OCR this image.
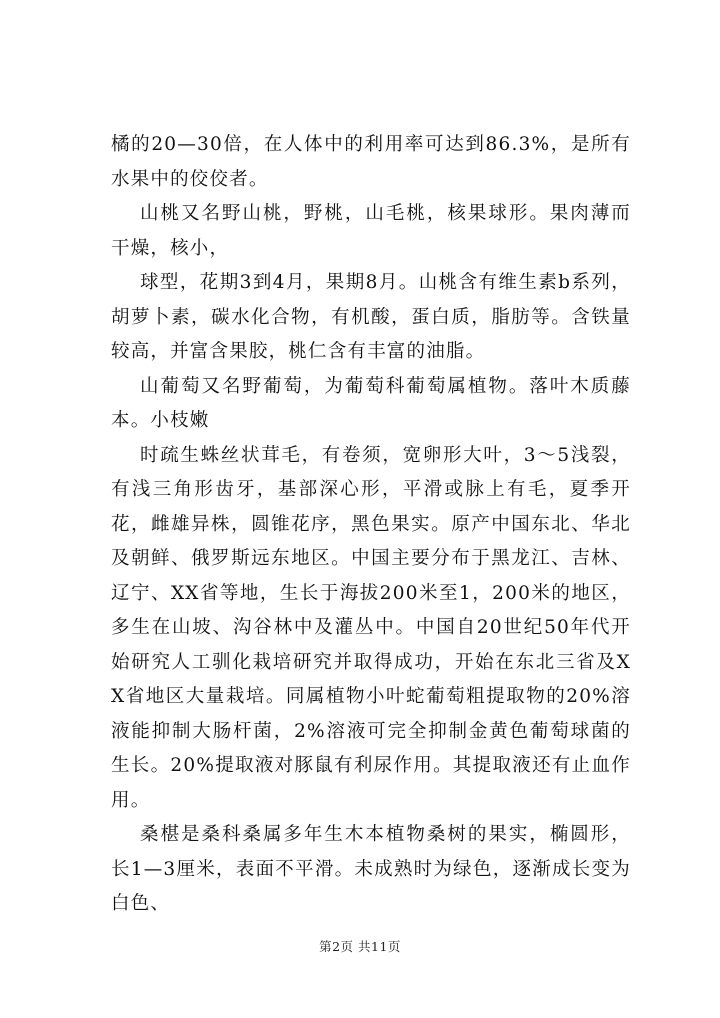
橘的20—30倍，在人体中的利用率可达到86.3%，是所有水果中的佼佼者。

山桃又名野山桃，野桃，山毛桃，核果球形。果肉薄而干燥，核小，

球型，花期3到4月，果期8月。山桃含有维生素b系列，胡萝卜素，碳水化合物，有机酸，蛋白质，脂肪等。含铁量较高，并富含果胶，桃仁含有丰富的油脂。

山葡萄又名野葡萄，为葡萄科葡萄属植物。落叶木质藤本。小枝嫩

时疏生蛛丝状茸毛，有卷须，宽卵形大叶，3～5浅裂，有浅三角形齿牙，基部深心形，平滑或脉上有毛，夏季开花，雌雄异株，圆锥花序，黑色果实。原产中国东北、华北及朝鲜、俄罗斯远东地区。中国主要分布于黑龙江、吉林、辽宁、XX省等地，生长于海拔200米至1，200米的地区，多生在山坡、沟谷林中及灌丛中。中国自20世纪50年代开始研究人工驯化栽培研究并取得成功，开始在东北三省及XX省地区大量栽培。同属植物小叶蛇葡萄粗提取物的20%溶液能抑制大肠杆菌，2%溶液可完全抑制金黄色葡萄球菌的生长。20%提取液对豚鼠有利尿作用。其提取液还有止血作用。

桑椹是桑科桑属多年生木本植物桑树的果实，椭圆形，长1—3厘米，表面不平滑。未成熟时为绿色，逐渐成长变为白色、

第2页 共11页
